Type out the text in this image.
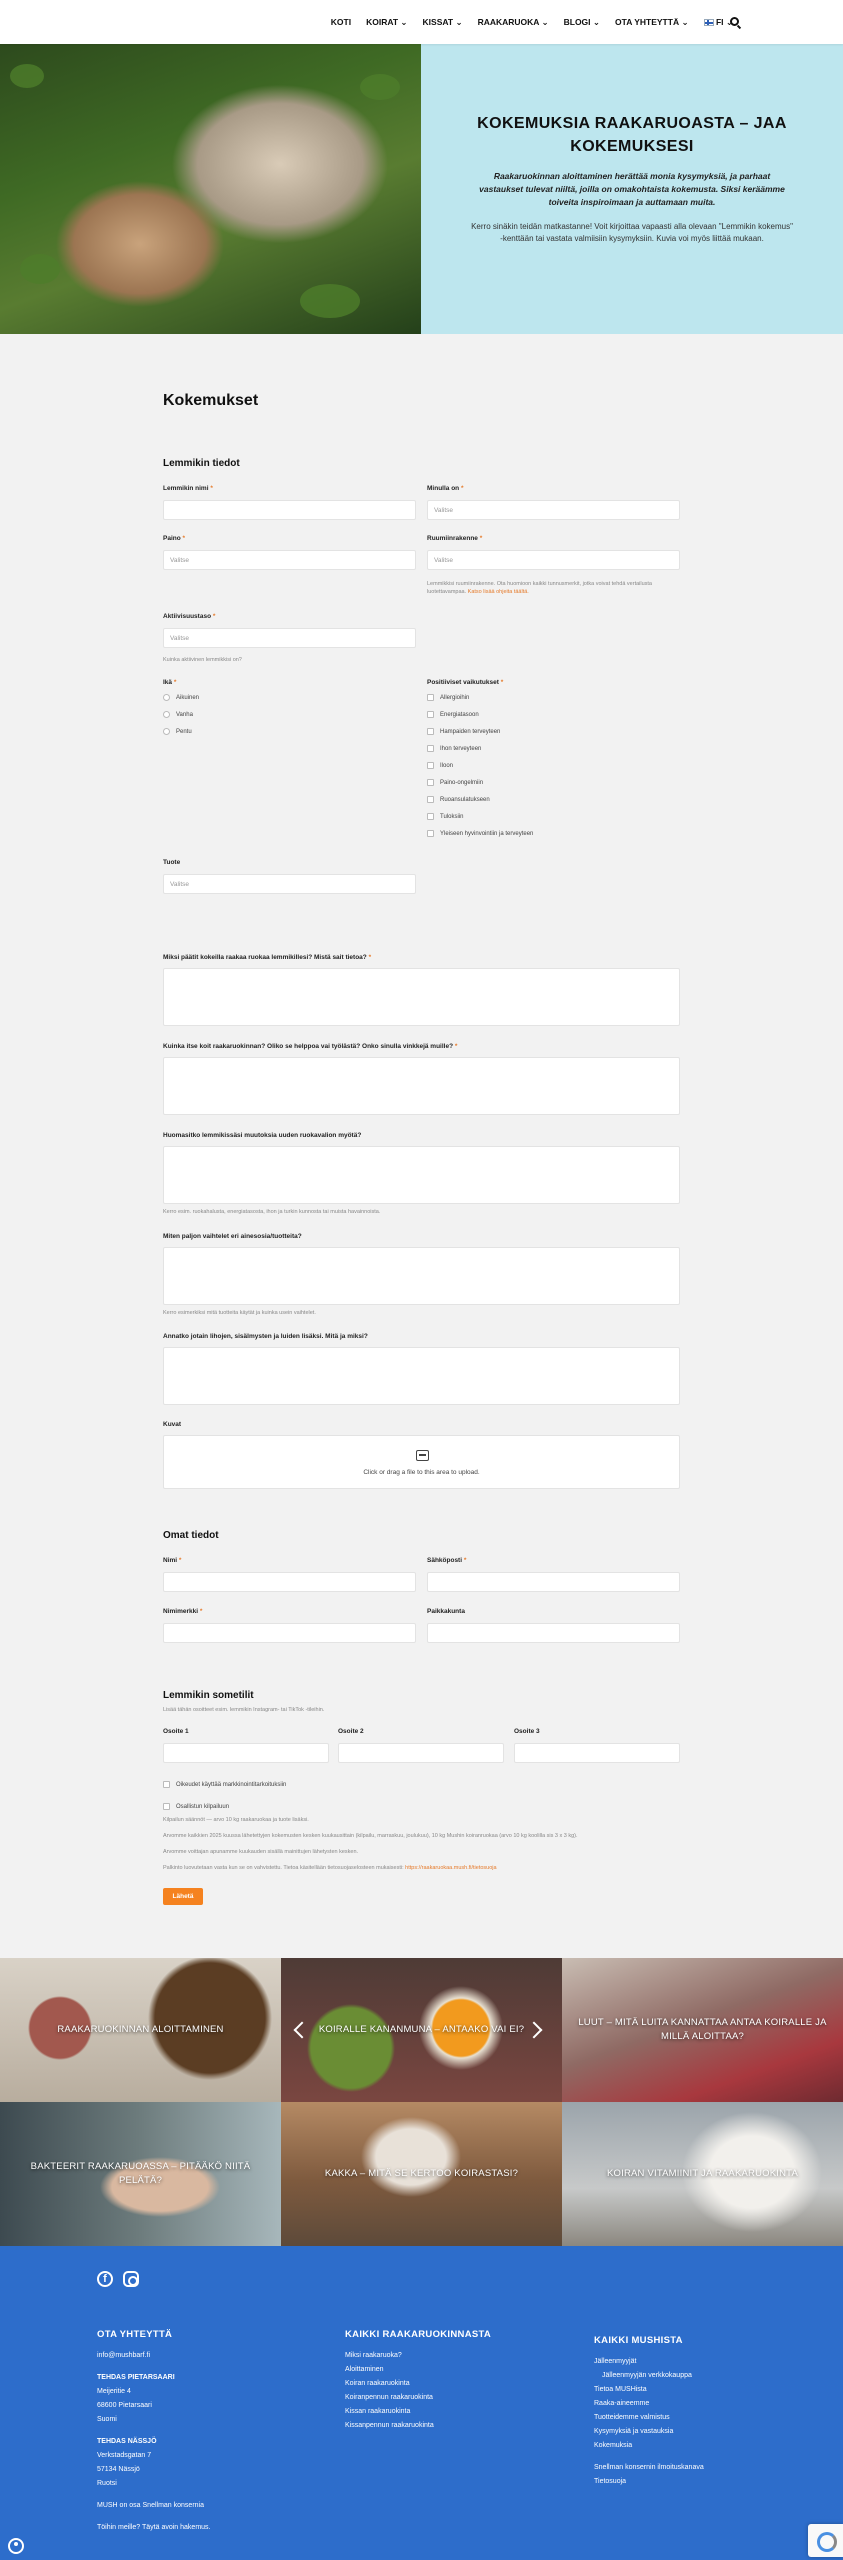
KOTI KOIRAT ⌄ KISSAT ⌄ RAAKARUOKA ⌄ BLOGI ⌄ OTA YHTEYTTÄ ⌄	FI ⌄
KOKEMUKSIA RAAKARUOASTA – JAA KOKEMUKSESI
Raakaruokinnan aloittaminen herättää monia kysymyksiä, ja parhaat vastaukset tulevat niiltä, joilla on omakohtaista kokemusta. Siksi keräämme toiveita inspiroimaan ja auttamaan muita.
Kerro sinäkin teidän matkastanne! Voit kirjoittaa vapaasti alla olevaan "Lemmikin kokemus" -kenttään tai vastata valmiisiin kysymyksiin. Kuvia voi myös liittää mukaan.
Kokemukset
Lemmikin tiedot
Lemmikin nimi *	Minulla on *
Valitse
Paino *
Valitse
Ruumiinrakenne *
Valitse
Lemmikkisi ruumiinrakenne. Ota huomioon kaikki tunnusmerkit, jotka voivat tehdä vertailusta luotettavampaa. Katso lisää ohjeita täältä.
Aktiivisuustaso *
Valitse
Kuinka aktiivinen lemmikkisi on?
Ikä *
Aikuinen
Vanha
Pentu
Positiiviset vaikutukset *
Allergioihin
Energiatasoon
Hampaiden terveyteen
Ihon terveyteen
Iloon
Paino-ongelmiin
Ruoansulatukseen
Tuloksiin
Yleiseen hyvinvointiin ja terveyteen
Tuote
Valitse
Miksi päätit kokeilla raakaa ruokaa lemmikillesi? Mistä sait tietoa? *
Kuinka itse koit raakaruokinnan? Oliko se helppoa vai työlästä? Onko sinulla vinkkejä muille? *
Huomasitko lemmikissäsi muutoksia uuden ruokavalion myötä?
Kerro esim. ruokahalusta, energiatasosta, ihon ja turkin kunnosta tai muista havainnoista.
Miten paljon vaihtelet eri ainesosia/tuotteita?
Kerro esimerkiksi mitä tuotteita käytät ja kuinka usein vaihtelet.
Annatko jotain lihojen, sisälmysten ja luiden lisäksi. Mitä ja miksi?
Kuvat
Click or drag a file to this area to upload.
Omat tiedot
Nimi *	Sähköposti *
Nimimerkki *	Paikkakunta
Lemmikin sometilit
Lisää tähän osoitteet esim. lemmikin Instagram- tai TikTok -tileihin.
Osoite 1	Osoite 2	Osoite 3
Oikeudet käyttää markkinointitarkoituksiin
Osallistun kilpailuun
Kilpailun säännöt — arvo 10 kg raakaruokaa ja tuote lisäksi.
Arvomme kaikkien 2025 kuussa lähetettyjen kokemusten kesken kuukausittain (kilpailu, marraskuu, joulukuu), 10 kg Mushin koiranruokaa (arvo 10 kg koolilla sis 3 x 3 kg).
Arvomme voittajan apunamme kuukauden sisällä mainittujen lähetysten kesken.
Palkinto luovutetaan vasta kun se on vahvistettu. Tietoa käsitellään tietosuojaselosteen mukaisesti: https://raakaruokaa.mush.fi/tietosuoja
Lähetä
RAAKARUOKINNAN ALOITTAMINEN	KOIRALLE KANANMUNA – ANTAAKO VAI EI?
LUUT – MITÄ LUITA KANNATTAA ANTAA KOIRALLE JA MILLÄ ALOITTAA?
BAKTEERIT RAAKARUOASSA – PITÄÄKÖ NIITÄ PELÄTÄ?
KAKKA – MITÄ SE KERTOO KOIRASTASI?	KOIRAN VITAMIINIT JA RAAKARUOKINTA
f
OTA YHTEYTTÄ
info@mushbarf.fi
TEHDAS PIETARSAARI
Meijeritie 4
68600 Pietarsaari
Suomi
TEHDAS NÄSSJÖ
Verkstadsgatan 7
57134 Nässjö
Ruotsi
MUSH on osa Snellman konsernia
Töihin meille? Täytä avoin hakemus.
KAIKKI RAAKARUOKINNASTA
Miksi raakaruoka?
Aloittaminen
Koiran raakaruokinta
Koiranpennun raakaruokinta
Kissan raakaruokinta
Kissanpennun raakaruokinta
KAIKKI MUSHISTA
Jälleenmyyjät
Jälleenmyyjän verkkokauppa
Tietoa MUSHista
Raaka-aineemme
Tuotteidemme valmistus
Kysymyksiä ja vastauksia
Kokemuksia
Snellman konsernin ilmoituskanava
Tietosuoja
